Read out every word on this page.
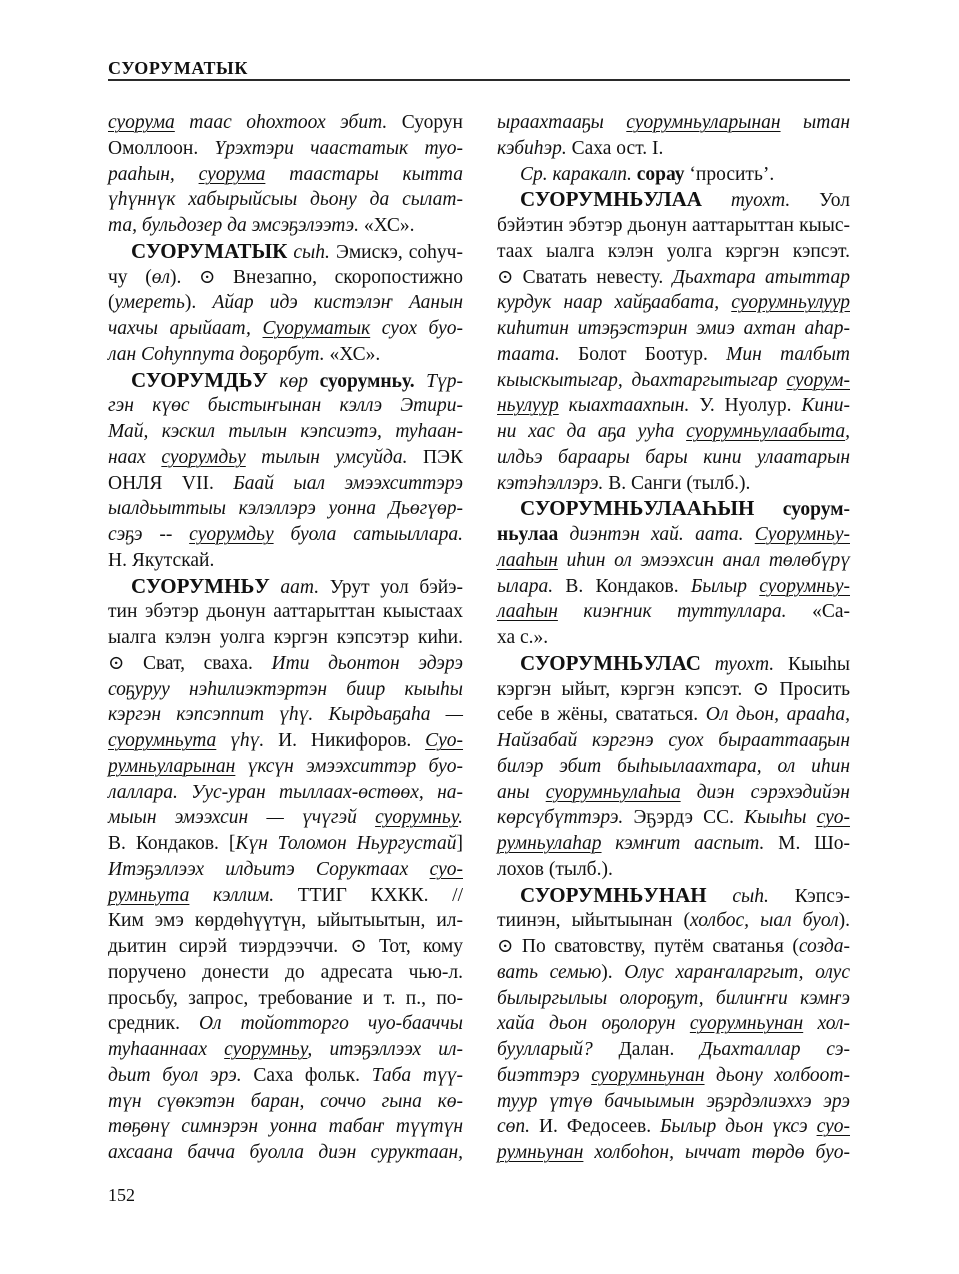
СУОРУМАТЫК
суорума таас оһохтоох эбит. Суорун
Омоллоон. Үрэхтэри чаастатык туо-
рааһын, суорума таастары кытта
үһүннүк хабырыйсыы дьону да сылат-
та, бульдозер да эмсэҕэлээтэ. «ХС».
СУОРУМАТЫК сыһ. Эмискэ, соһуч-
чу (өл). ⊙ Внезапно, скоропостижно
(умереть). Айар идэ кистэлэҥ Аанын
чахчы арыйаат, Суоруматык суох буо-
лан Соһуппута доҕорбут. «ХС».
СУОРУМДЬУ көр суорумньу. Түр-
гэн күөс быстыҥынан кэллэ Этири-
Май, кэскил тылын кэпсиэтэ, туһаан-
наах суорумдьу тылын умсуйда. ПЭК
ОНЛЯ VII. Баай ыал эмээхситтэрэ
ыалдьыттыы кэлэллэрэ уонна Дьөгүөр-
сэҕэ -- суорумдьу буола сатыыллара.
Н. Якутскай.
СУОРУМНЬУ аат. Урут уол бэйэ-
тин эбэтэр дьонун ааттарыттан кыыстаах
ыалга кэлэн уолга кэргэн кэпсэтэр киһи.
⊙ Сват, сваха. Ити дьонтон эдэрэ
соҕуруу нэһилиэктэртэн биир кыыһы
кэргэн кэпсэппит үһү. Кырдьаҕаһа —
суорумньута үһү. И. Никифоров. Суо-
румньуларынан үксүн эмээхситтэр буо-
лаллара. Уус-уран тыллаах-өстөөх, на-
мыын эмээхсин — үчүгэй суорумньу.
В. Кондаков. [Күн Толомон Ньургустай]
Итэҕэллээх илдьитэ Соруктаах суо-
румньута кэллим. ТТИГ КХКК. //
Ким эмэ көрдөһүүтүн, ыйытыытын, ил-
дьитин сирэй тиэрдээччи. ⊙ Тот, кому
поручено донести до адресата чью-л.
просьбу, запрос, требование и т. п., по-
средник. Ол тойотторго чуо-бааччы
туһааннаах суорумньу, итэҕэллээх ил-
дьит буол эрэ. Саха фольк. Таба түү-
түн сүөкэтэн баран, соччо гына кө-
төҕөнү симнэрэн уонна табаҥ түүтүн
ахсаана бачча буолла диэн суруктаан,
ыраахтааҕы суорумньуларынан ытан
кэбиһэр. Саха ост. I.
Ср. каракалп. сорау ‘просить’.
СУОРУМНЬУЛАА туохт. Уол
бэйэтин эбэтэр дьонун ааттарыттан кыыс-
таах ыалга кэлэн уолга кэргэн кэпсэт.
⊙ Сватать невесту. Дьахтара атыттар
курдук наар хайҕаабата, суорумньулуур
киһитин итэҕэстэрин эмиэ ахтан аһар-
таата. Болот Боотур. Мин талбыт
кыыскытыгар, дьахтаргытыгар суорум-
ньулуур кыахтаахпын. У. Нуолур. Кини-
ни хас да аҕа ууһа суорумньулаабыта,
илдьэ бараары бары кини улаатарын
кэтэһэллэрэ. В. Санги (тылб.).
СУОРУМНЬУЛААҺЫН суорум-
ньулаа диэнтэн хай. аата. Суорумньу-
лааһын иһин ол эмээхсин анал төлөбүрү
ылара. В. Кондаков. Былыр суорумньу-
лааһын киэҥник туттуллара. «Са-
ха с.».
СУОРУМНЬУЛАС туохт. Кыыһы
кэргэн ыйыт, кэргэн кэпсэт. ⊙ Просить
себе в жёны, свататься. Ол дьон, арааһа,
Найзабай кэргэнэ суох бырааттааҕын
билэр эбит быһыылаахтара, ол иһин
аны суорумньулаһыа диэн сэрэхэдийэн
көрсүбүттэрэ. Эҕэрдэ СС. Кыыһы суо-
румньулаһар кэмҥит ааспыт. М. Шо-
лохов (тылб.).
СУОРУМНЬУНАН сыһ. Кэпсэ-
тиинэн, ыйытыынан (холбос, ыал буол).
⊙ По сватовству, путём сватанья (созда-
вать семью). Олус хараҥаларгыт, олус
былыргылыы олороҕут, билиҥҥи кэмҥэ
хайа дьон оҕолорун суорумньунан хол-
буулларый? Далан. Дьахталлар сэ-
биэттэрэ суорумньунан дьону холбоот-
туур үтүө бачыымын эҕэрдэлиэххэ эрэ
сөп. И. Федосеев. Былыр дьон үксэ суо-
румньунан холбоһон, ыччат төрдө буо-
152
